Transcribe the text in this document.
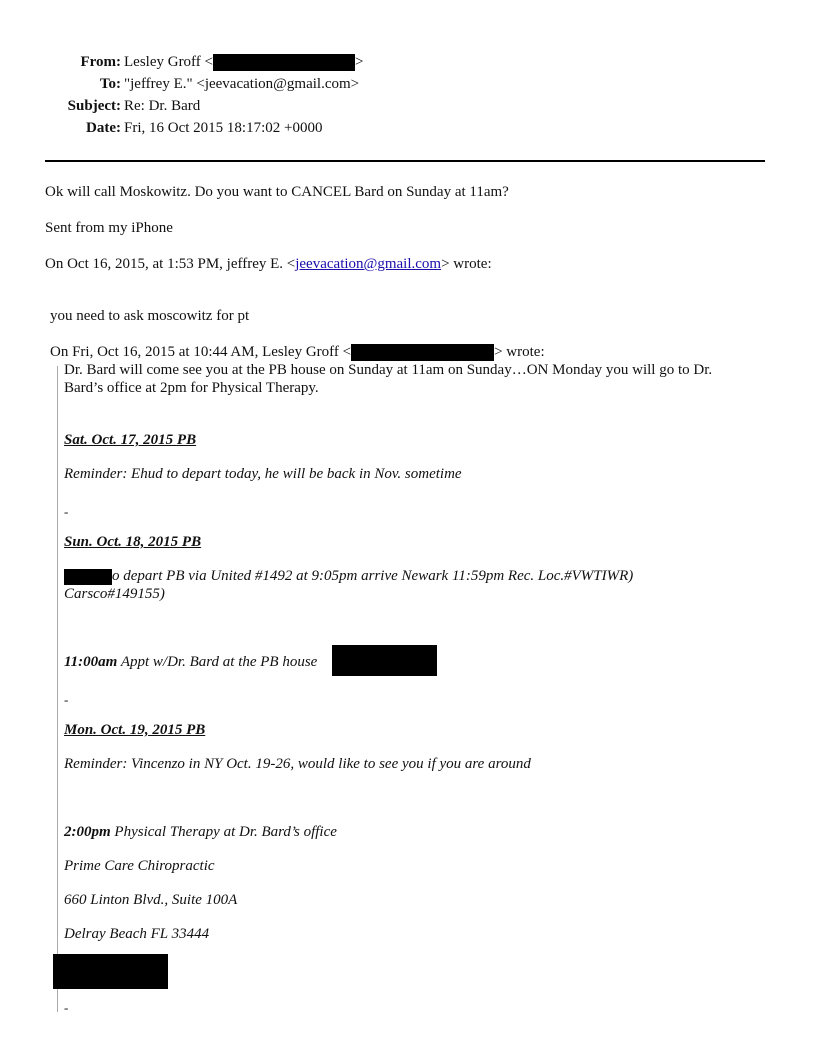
From: Lesley Groff <	>
To: "jeffrey E." <jeevacation@gmail.com>
Subject: Re: Dr. Bard
Date: Fri, 16 Oct 2015 18:17:02 +0000
Ok will call Moskowitz. Do you want to CANCEL Bard on Sunday at 11am?
Sent from my iPhone
On Oct 16, 2015, at 1:53 PM, jeffrey E. <jeevacation@gmail.com> wrote:
you need to ask moscowitz for pt
On Fri, Oct 16, 2015 at 10:44 AM, Lesley Groff <	> wrote:
Dr. Bard will come see you at the PB house on Sunday at 11am on Sunday…ON Monday you will go to Dr.
Bard’s office at 2pm for Physical Therapy.
Sat. Oct. 17, 2015 PB
Reminder: Ehud to depart today, he will be back in Nov. sometime
-
Sun. Oct. 18, 2015 PB
o depart PB via United #1492 at 9:05pm arrive Newark 11:59pm Rec. Loc.#VWTIWR)
Carsco#149155)
11:00am Appt w/Dr. Bard at the PB house
-
Mon. Oct. 19, 2015 PB
Reminder: Vincenzo in NY Oct. 19-26, would like to see you if you are around
2:00pm Physical Therapy at Dr. Bard’s office
Prime Care Chiropractic
660 Linton Blvd., Suite 100A
Delray Beach FL 33444
-
